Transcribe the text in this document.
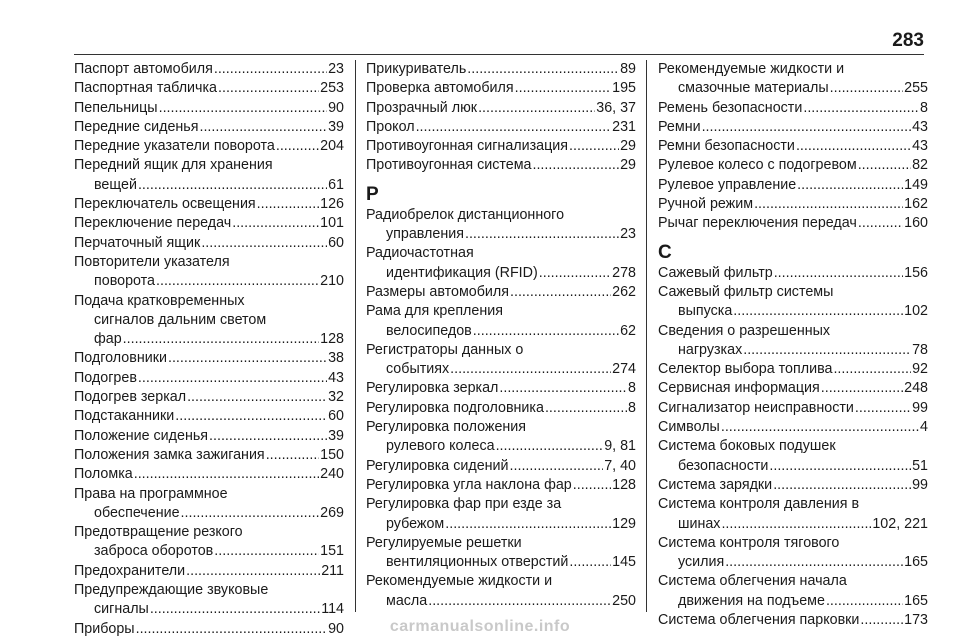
283
Паспорт автомобиля .....	23
Паспортная табличка .....	253
Пепельницы .....	90
Передние сиденья .....	39
Передние указатели поворота .....	204
Передний ящик для хранения
вещей .....	61
Переключатель освещения .....	126
Переключение передач .....	101
Перчаточный ящик .....	60
Повторители указателя
поворота .....	210
Подача кратковременных
сигналов дальним светом
фар .....	128
Подголовники .....	38
Подогрев .....	43
Подогрев зеркал .....	32
Подстаканники .....	60
Положение сиденья .....	39
Положения замка зажигания .....	150
Поломка .....	240
Права на программное
обеспечение .....	269
Предотвращение резкого
заброса оборотов .....	151
Предохранители .....	211
Предупреждающие звуковые
сигналы .....	114
Приборы .....	90
Прикуриватель .....	89
Проверка автомобиля .....	195
Прозрачный люк .....	36, 37
Прокол .....	231
Противоугонная сигнализация .....	29
Противоугонная система .....	29
Р
Радиобрелок дистанционного
управления .....	23
Радиочастотная
идентификация (RFID) .....	278
Размеры автомобиля .....	262
Рама для крепления
велосипедов .....	62
Регистраторы данных о
событиях .....	274
Регулировка зеркал .....	8
Регулировка подголовника .....	8
Регулировка положения
рулевого колеса .....	9, 81
Регулировка сидений .....	7, 40
Регулировка угла наклона фар .....	128
Регулировка фар при езде за
рубежом .....	129
Регулируемые решетки
вентиляционных отверстий .....	145
Рекомендуемые жидкости и
масла .....	250
Рекомендуемые жидкости и
смазочные материалы .....	255
Ремень безопасности .....	8
Ремни .....	43
Ремни безопасности .....	43
Рулевое колесо с подогревом .....	82
Рулевое управление .....	149
Ручной режим .....	162
Рычаг переключения передач .....	160
С
Сажевый фильтр .....	156
Сажевый фильтр системы
выпуска .....	102
Сведения о разрешенных
нагрузках .....	78
Селектор выбора топлива .....	92
Сервисная информация .....	248
Сигнализатор неисправности .....	99
Символы .....	4
Система боковых подушек
безопасности .....	51
Система зарядки .....	99
Система контроля давления в
шинах .....	102, 221
Система контроля тягового
усилия .....	165
Система облегчения начала
движения на подъеме .....	165
Система облегчения парковки .....	173
carmanualsonline.info
